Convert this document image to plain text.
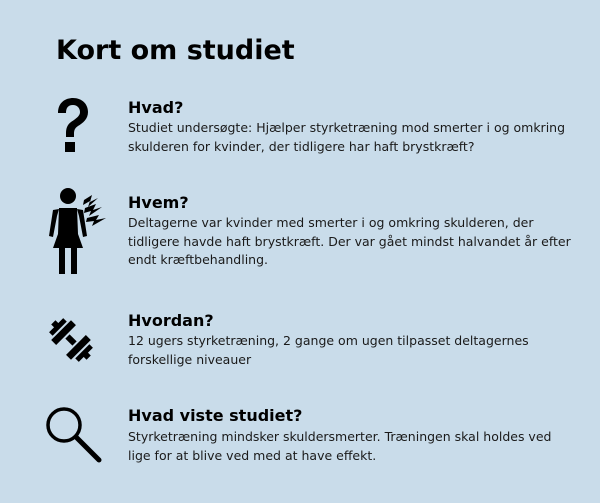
Kort om studiet
Hvad?

Studiet undersøgte: Hjælper styrketræning mod smerter i og omkring skulderen for kvinder, der tidligere har haft brystkræft?

Hvem?

Deltagerne var kvinder med smerter i og omkring skulderen, der tidligere havde haft brystkræft. Der var gået mindst halvandet år efter endt kræftbehandling.

Hvordan?

12 ugers styrketræning, 2 gange om ugen tilpasset deltagernes forskellige niveauer

Hvad viste studiet?

Styrketræning mindsker skuldersmerter. Træningen skal holdes ved lige for at blive ved med at have effekt.
